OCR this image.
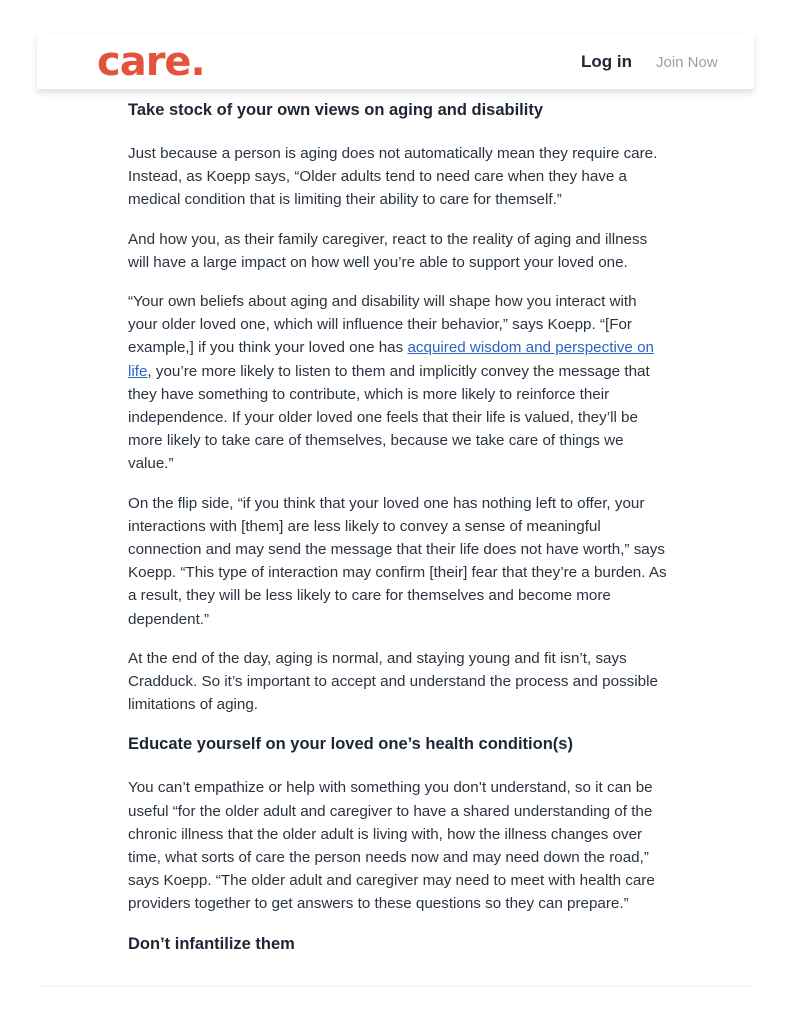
care.	Log in Join Now
Take stock of your own views on aging and disability

Just because a person is aging does not automatically mean they require care. Instead, as Koepp says, “Older adults tend to need care when they have a medical condition that is limiting their ability to care for themself.”

And how you, as their family caregiver, react to the reality of aging and illness will have a large impact on how well you’re able to support your loved one.

“Your own beliefs about aging and disability will shape how you interact with your older loved one, which will influence their behavior,” says Koepp. “[For example,] if you think your loved one has acquired wisdom and perspective on life, you’re more likely to listen to them and implicitly convey the message that they have something to contribute, which is more likely to reinforce their independence. If your older loved one feels that their life is valued, they’ll be more likely to take care of themselves, because we take care of things we value.”

On the flip side, “if you think that your loved one has nothing left to offer, your interactions with [them] are less likely to convey a sense of meaningful connection and may send the message that their life does not have worth,” says Koepp. “This type of interaction may confirm [their] fear that they’re a burden. As a result, they will be less likely to care for themselves and become more dependent.”

At the end of the day, aging is normal, and staying young and fit isn’t, says Cradduck. So it’s important to accept and understand the process and possible limitations of aging.

Educate yourself on your loved one’s health condition(s)

You can’t empathize or help with something you don’t understand, so it can be useful “for the older adult and caregiver to have a shared understanding of the chronic illness that the older adult is living with, how the illness changes over time, what sorts of care the person needs now and may need down the road,” says Koepp. “The older adult and caregiver may need to meet with health care providers together to get answers to these questions so they can prepare.”

Don’t infantilize them
